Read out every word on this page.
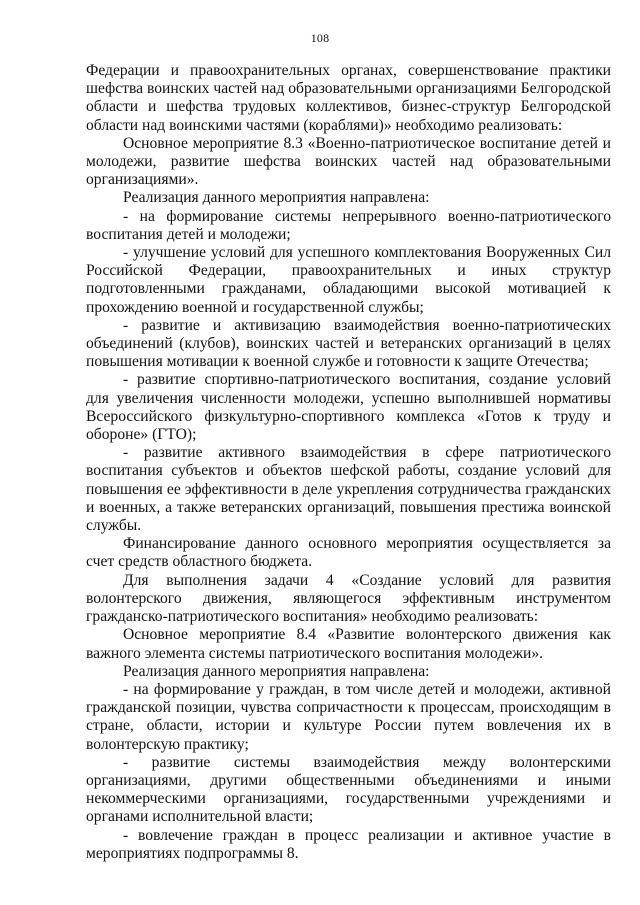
108

Федерации и правоохранительных органах, совершенствование практики шефства воинских частей над образовательными организациями Белгородской области и шефства трудовых коллективов, бизнес-структур Белгородской области над воинскими частями (кораблями)» необходимо реализовать:

Основное мероприятие 8.3 «Военно-патриотическое воспитание детей и молодежи, развитие шефства воинских частей над образовательными организациями».

Реализация данного мероприятия направлена:

- на формирование системы непрерывного военно-патриотического воспитания детей и молодежи;

- улучшение условий для успешного комплектования Вооруженных Сил Российской Федерации, правоохранительных и иных структур подготовленными гражданами, обладающими высокой мотивацией к прохождению военной и государственной службы;

- развитие и активизацию взаимодействия военно-патриотических объединений (клубов), воинских частей и ветеранских организаций в целях повышения мотивации к военной службе и готовности к защите Отечества;

- развитие спортивно-патриотического воспитания, создание условий для увеличения численности молодежи, успешно выполнившей нормативы Всероссийского физкультурно-спортивного комплекса «Готов к труду и обороне» (ГТО);

- развитие активного взаимодействия в сфере патриотического воспитания субъектов и объектов шефской работы, создание условий для повышения ее эффективности в деле укрепления сотрудничества гражданских и военных, а также ветеранских организаций, повышения престижа воинской службы.

Финансирование данного основного мероприятия осуществляется за счет средств областного бюджета.

Для выполнения задачи 4 «Создание условий для развития волонтерского движения, являющегося эффективным инструментом гражданско-патриотического воспитания» необходимо реализовать:

Основное мероприятие 8.4 «Развитие волонтерского движения как важного элемента системы патриотического воспитания молодежи».

Реализация данного мероприятия направлена:

- на формирование у граждан, в том числе детей и молодежи, активной гражданской позиции, чувства сопричастности к процессам, происходящим в стране, области, истории и культуре России путем вовлечения их в волонтерскую практику;

- развитие системы взаимодействия между волонтерскими организациями, другими общественными объединениями и иными некоммерческими организациями, государственными учреждениями и органами исполнительной власти;

- вовлечение граждан в процесс реализации и активное участие в мероприятиях подпрограммы 8.
